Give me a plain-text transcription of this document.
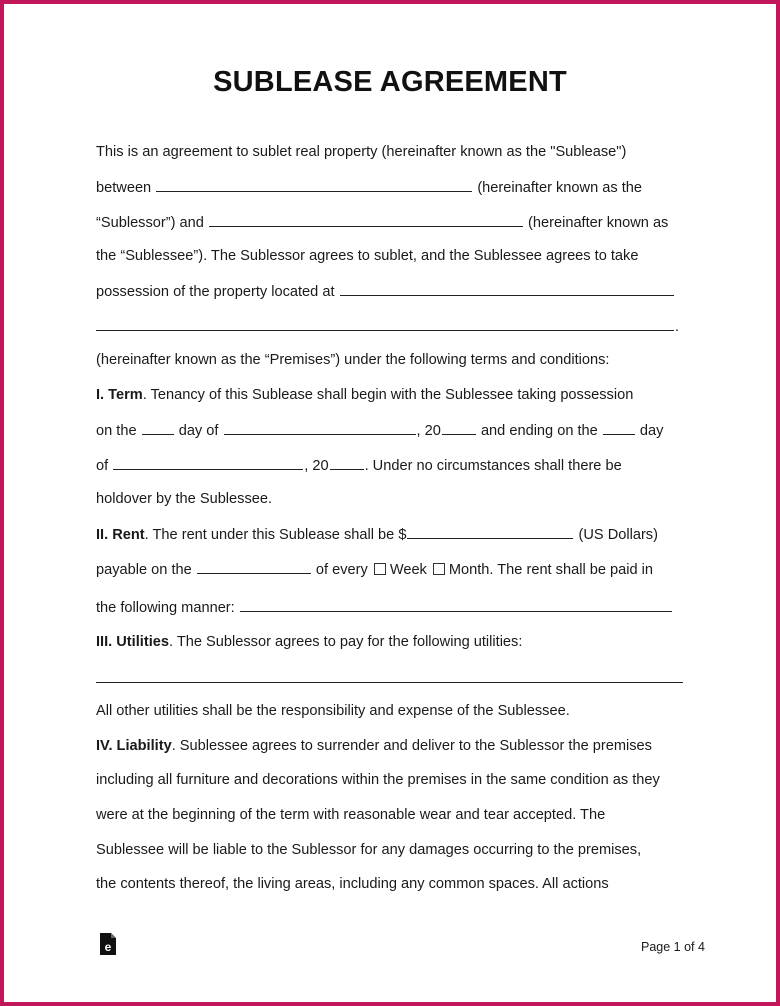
SUBLEASE AGREEMENT
This is an agreement to sublet real property (hereinafter known as the "Sublease")
between	(hereinafter known as the
“Sublessor”) and	(hereinafter known as
the “Sublessee”). The Sublessor agrees to sublet, and the Sublessee agrees to take
possession of the property located at
.
(hereinafter known as the “Premises”) under the following terms and conditions:
I. Term. Tenancy of this Sublease shall begin with the Sublessee taking possession
on the	day of	, 20	and ending on the	day
of	, 20 . Under no circumstances shall there be
holdover by the Sublessee.
II. Rent. The rent under this Sublease shall be $	(US Dollars)
payable on the	of every Week Month. The rent shall be paid in
the following manner:
III. Utilities. The Sublessor agrees to pay for the following utilities:
All other utilities shall be the responsibility and expense of the Sublessee.
IV. Liability. Sublessee agrees to surrender and deliver to the Sublessor the premises
including all furniture and decorations within the premises in the same condition as they
were at the beginning of the term with reasonable wear and tear accepted. The
Sublessee will be liable to the Sublessor for any damages occurring to the premises,
the contents thereof, the living areas, including any common spaces. All actions
e	Page 1 of 4
